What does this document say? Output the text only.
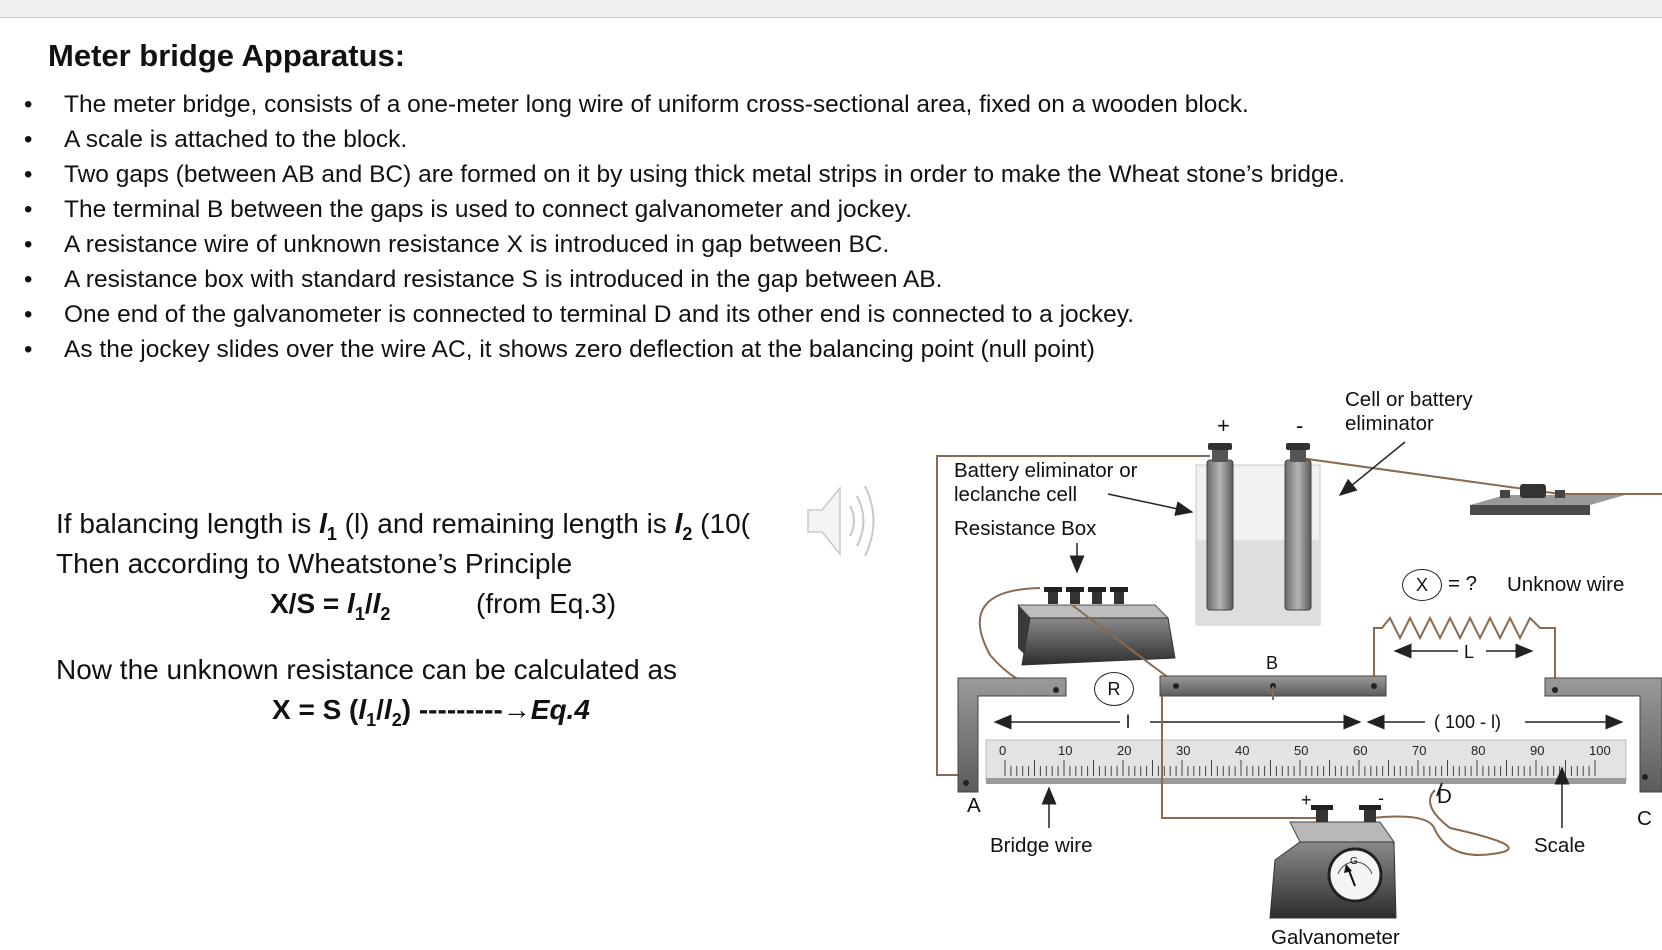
Meter bridge Apparatus:
• The meter bridge, consists of a one-meter long wire of uniform cross-sectional area, fixed on a wooden block.
• A scale is attached to the block.
• Two gaps (between AB and BC) are formed on it by using thick metal strips in order to make the Wheat stone’s bridge.
• The terminal B between the gaps is used to connect galvanometer and jockey.
• A resistance wire of unknown resistance X is introduced in gap between BC.
• A resistance box with standard resistance S is introduced in the gap between AB.
• One end of the galvanometer is connected to terminal D and its other end is connected to a jockey.
• As the jockey slides over the wire AC, it shows zero deflection at the balancing point (null point)
If balancing length is $l_1$ (l) and remaining length is $l_2$ (10(
Then according to Wheatstone’s Principle
$X/S = l_1/l_2$	(from Eq.3)
Now the unknown resistance can be calculated as
X = S $(l_1/l_2)$ ---------→Eq.4
Cell or battery
eliminator
+	-
Battery eliminator or
leclanche cell
Resistance Box
X = ? Unknow wire
L
B
R
l	( 100 - l)
A
C
D
Bridge wire	Scale
Galvanometer
+	-
G
0	10	20	30	40	50	60	70	80	90	100
